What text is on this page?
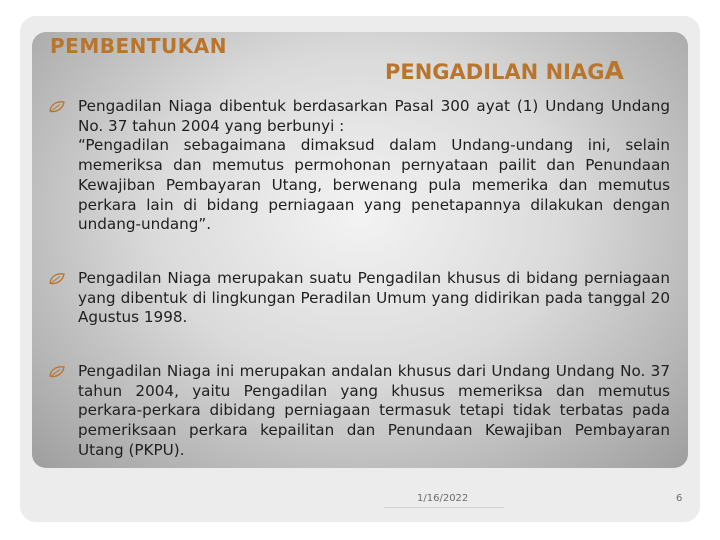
PEMBENTUKAN
PENGADILAN NIAGA
Pengadilan Niaga dibentuk berdasarkan Pasal 300 ayat (1) Undang Undang No. 37 tahun 2004 yang berbunyi :
“Pengadilan sebagaimana dimaksud dalam Undang-undang ini, selain memeriksa dan memutus permohonan pernyataan pailit dan Penundaan Kewajiban Pembayaran Utang, berwenang pula memerika dan memutus perkara lain di bidang perniagaan yang penetapannya dilakukan dengan undang-undang”.
Pengadilan Niaga merupakan suatu Pengadilan khusus di bidang perniagaan yang dibentuk di lingkungan Peradilan Umum yang didirikan pada tanggal 20 Agustus 1998.
Pengadilan Niaga ini merupakan andalan khusus dari Undang Undang No. 37 tahun 2004, yaitu Pengadilan yang khusus memeriksa dan memutus perkara-perkara dibidang perniagaan termasuk tetapi tidak terbatas pada pemeriksaan perkara kepailitan dan Penundaan Kewajiban Pembayaran Utang (PKPU).
1/16/2022	6
